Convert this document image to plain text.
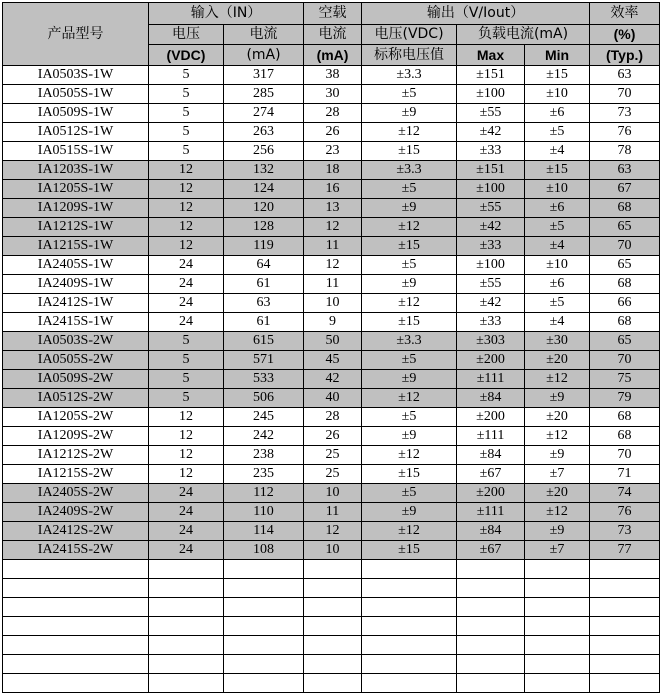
产品型号	输入（IN）		空载	输出（V/Iout）			效率
	电压	电流	电流	电压(VDC)	负载电流(mA)		(%)
	(VDC)	(mA)	(mA)	标称电压值	Max	Min	(Typ.)
IA0503S-1W	5	317	38	±3.3	±151	±15	63
IA0505S-1W	5	285	30	±5	±100	±10	70
IA0509S-1W	5	274	28	±9	±55	±6	73
IA0512S-1W	5	263	26	±12	±42	±5	76
IA0515S-1W	5	256	23	±15	±33	±4	78
IA1203S-1W	12	132	18	±3.3	±151	±15	63
IA1205S-1W	12	124	16	±5	±100	±10	67
IA1209S-1W	12	120	13	±9	±55	±6	68
IA1212S-1W	12	128	12	±12	±42	±5	65
IA1215S-1W	12	119	11	±15	±33	±4	70
IA2405S-1W	24	64	12	±5	±100	±10	65
IA2409S-1W	24	61	11	±9	±55	±6	68
IA2412S-1W	24	63	10	±12	±42	±5	66
IA2415S-1W	24	61	9	±15	±33	±4	68
IA0503S-2W	5	615	50	±3.3	±303	±30	65
IA0505S-2W	5	571	45	±5	±200	±20	70
IA0509S-2W	5	533	42	±9	±111	±12	75
IA0512S-2W	5	506	40	±12	±84	±9	79
IA1205S-2W	12	245	28	±5	±200	±20	68
IA1209S-2W	12	242	26	±9	±111	±12	68
IA1212S-2W	12	238	25	±12	±84	±9	70
IA1215S-2W	12	235	25	±15	±67	±7	71
IA2405S-2W	24	112	10	±5	±200	±20	74
IA2409S-2W	24	110	11	±9	±111	±12	76
IA2412S-2W	24	114	12	±12	±84	±9	73
IA2415S-2W	24	108	10	±15	±67	±7	77
